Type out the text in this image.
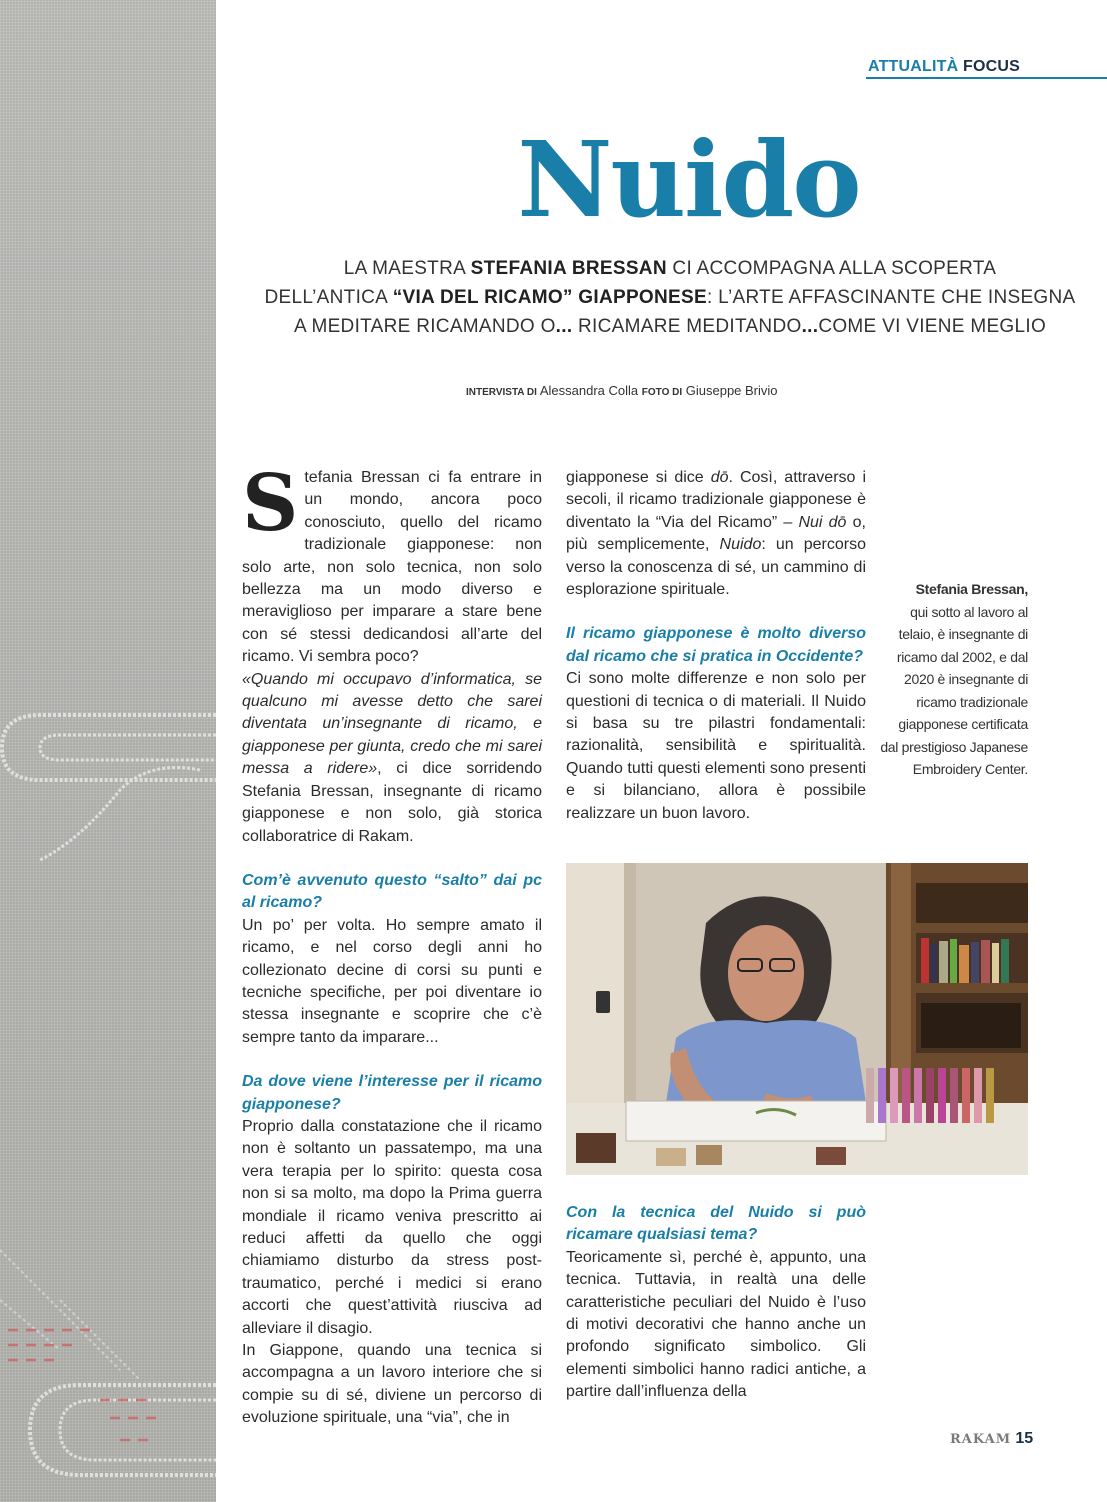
ATTUALITÀ FOCUS
Nuido
LA MAESTRA STEFANIA BRESSAN CI ACCOMPAGNA ALLA SCOPERTA
DELL’ANTICA “VIA DEL RICAMO” GIAPPONESE: L’ARTE AFFASCINANTE CHE INSEGNA
A MEDITARE RICAMANDO O... RICAMARE MEDITANDO...COME VI VIENE MEGLIO
INTERVISTA DI Alessandra Colla FOTO DI Giuseppe Brivio

Stefania Bressan ci fa entrare in un mondo, ancora poco conosciuto, quello del ricamo tradizionale giapponese: non solo arte, non solo tecnica, non solo bellezza ma un modo diverso e meraviglioso per imparare a stare bene con sé stessi dedicandosi all’arte del ricamo. Vi sembra poco?

«Quando mi occupavo d’informatica, se qualcuno mi avesse detto che sarei diventata un’insegnante di ricamo, e giapponese per giunta, credo che mi sarei messa a ridere», ci dice sorridendo Stefania Bressan, insegnante di ricamo giapponese e non solo, già storica collaboratrice di Rakam.

Com’è avvenuto questo “salto” dai pc al ricamo?

Un po’ per volta. Ho sempre amato il ricamo, e nel corso degli anni ho collezionato decine di corsi su punti e tecniche specifiche, per poi diventare io stessa insegnante e scoprire che c’è sempre tanto da imparare...

Da dove viene l’interesse per il ricamo giapponese?

Proprio dalla constatazione che il ricamo non è soltanto un passatempo, ma una vera terapia per lo spirito: questa cosa non si sa molto, ma dopo la Prima guerra mondiale il ricamo veniva prescritto ai reduci affetti da quello che oggi chiamiamo disturbo da stress post-traumatico, perché i medici si erano accorti che quest’attività riusciva ad alleviare il disagio.

In Giappone, quando una tecnica si accompagna a un lavoro interiore che si compie su di sé, diviene un percorso di evoluzione spirituale, una “via”, che in

giapponese si dice dō. Così, attraverso i secoli, il ricamo tradizionale giapponese è diventato la “Via del Ricamo” – Nui dō o, più semplicemente, Nuido: un percorso verso la conoscenza di sé, un cammino di esplorazione spirituale.

Il ricamo giapponese è molto diverso dal ricamo che si pratica in Occidente?

Ci sono molte differenze e non solo per questioni di tecnica o di materiali. Il Nuido si basa su tre pilastri fondamentali: razionalità, sensibilità e spiritualità. Quando tutti questi elementi sono presenti e si bilanciano, allora è possibile realizzare un buon lavoro.

Stefania Bressan,
qui sotto al lavoro al telaio, è insegnante di ricamo dal 2002, e dal 2020 è insegnante di ricamo tradizionale giapponese certificata dal prestigioso Japanese Embroidery Center.

Con la tecnica del Nuido si può ricamare qualsiasi tema?

Teoricamente sì, perché è, appunto, una tecnica. Tuttavia, in realtà una delle caratteristiche peculiari del Nuido è l’uso di motivi decorativi che hanno anche un profondo significato simbolico. Gli elementi simbolici hanno radici antiche, a partire dall’influenza della

RAKAM 15
